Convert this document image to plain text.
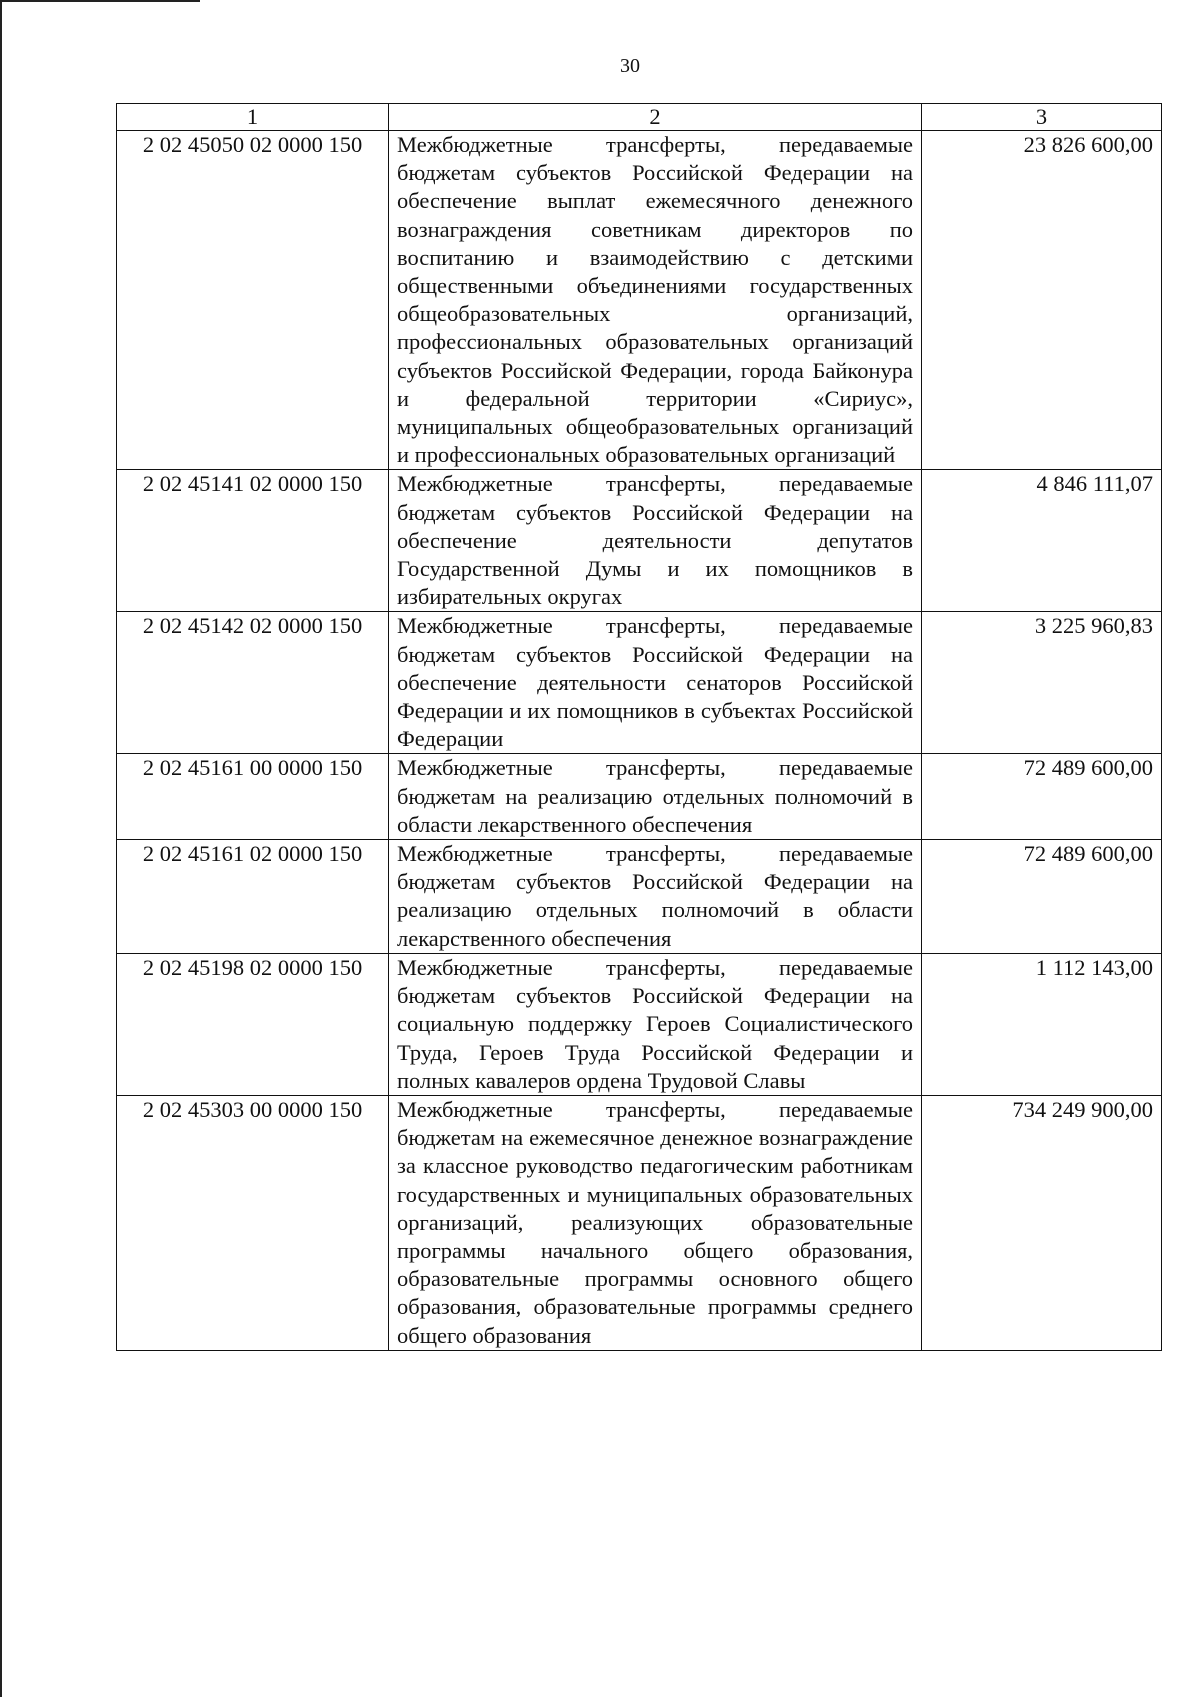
30
1	2	3
2 02 45050 02 0000 150	Межбюджетные трансферты, передаваемые бюджетам субъектов Российской Федерации на обеспечение выплат ежемесячного денежного вознаграждения советникам директоров по воспитанию и взаимодействию с детскими общественными объединениями государственных общеобразовательных организаций, профессиональных образовательных организаций субъектов Российской Федерации, города Байконура и федеральной территории «Сириус», муниципальных общеобразовательных организаций и профессиональных образовательных организаций	23 826 600,00
2 02 45141 02 0000 150	Межбюджетные трансферты, передаваемые бюджетам субъектов Российской Федерации на обеспечение деятельности депутатов Государственной Думы и их помощников в избирательных округах	4 846 111,07
2 02 45142 02 0000 150	Межбюджетные трансферты, передаваемые бюджетам субъектов Российской Федерации на обеспечение деятельности сенаторов Российской Федерации и их помощников в субъектах Российской Федерации	3 225 960,83
2 02 45161 00 0000 150	Межбюджетные трансферты, передаваемые бюджетам на реализацию отдельных полномочий в области лекарственного обеспечения	72 489 600,00
2 02 45161 02 0000 150	Межбюджетные трансферты, передаваемые бюджетам субъектов Российской Федерации на реализацию отдельных полномочий в области лекарственного обеспечения	72 489 600,00
2 02 45198 02 0000 150	Межбюджетные трансферты, передаваемые бюджетам субъектов Российской Федерации на социальную поддержку Героев Социалистического Труда, Героев Труда Российской Федерации и полных кавалеров ордена Трудовой Славы	1 112 143,00
2 02 45303 00 0000 150	Межбюджетные трансферты, передаваемые бюджетам на ежемесячное денежное вознаграждение за классное руководство педагогическим работникам государственных и муниципальных образовательных организаций, реализующих образовательные программы начального общего образования, образовательные программы основного общего образования, образовательные программы среднего общего образования	734 249 900,00
